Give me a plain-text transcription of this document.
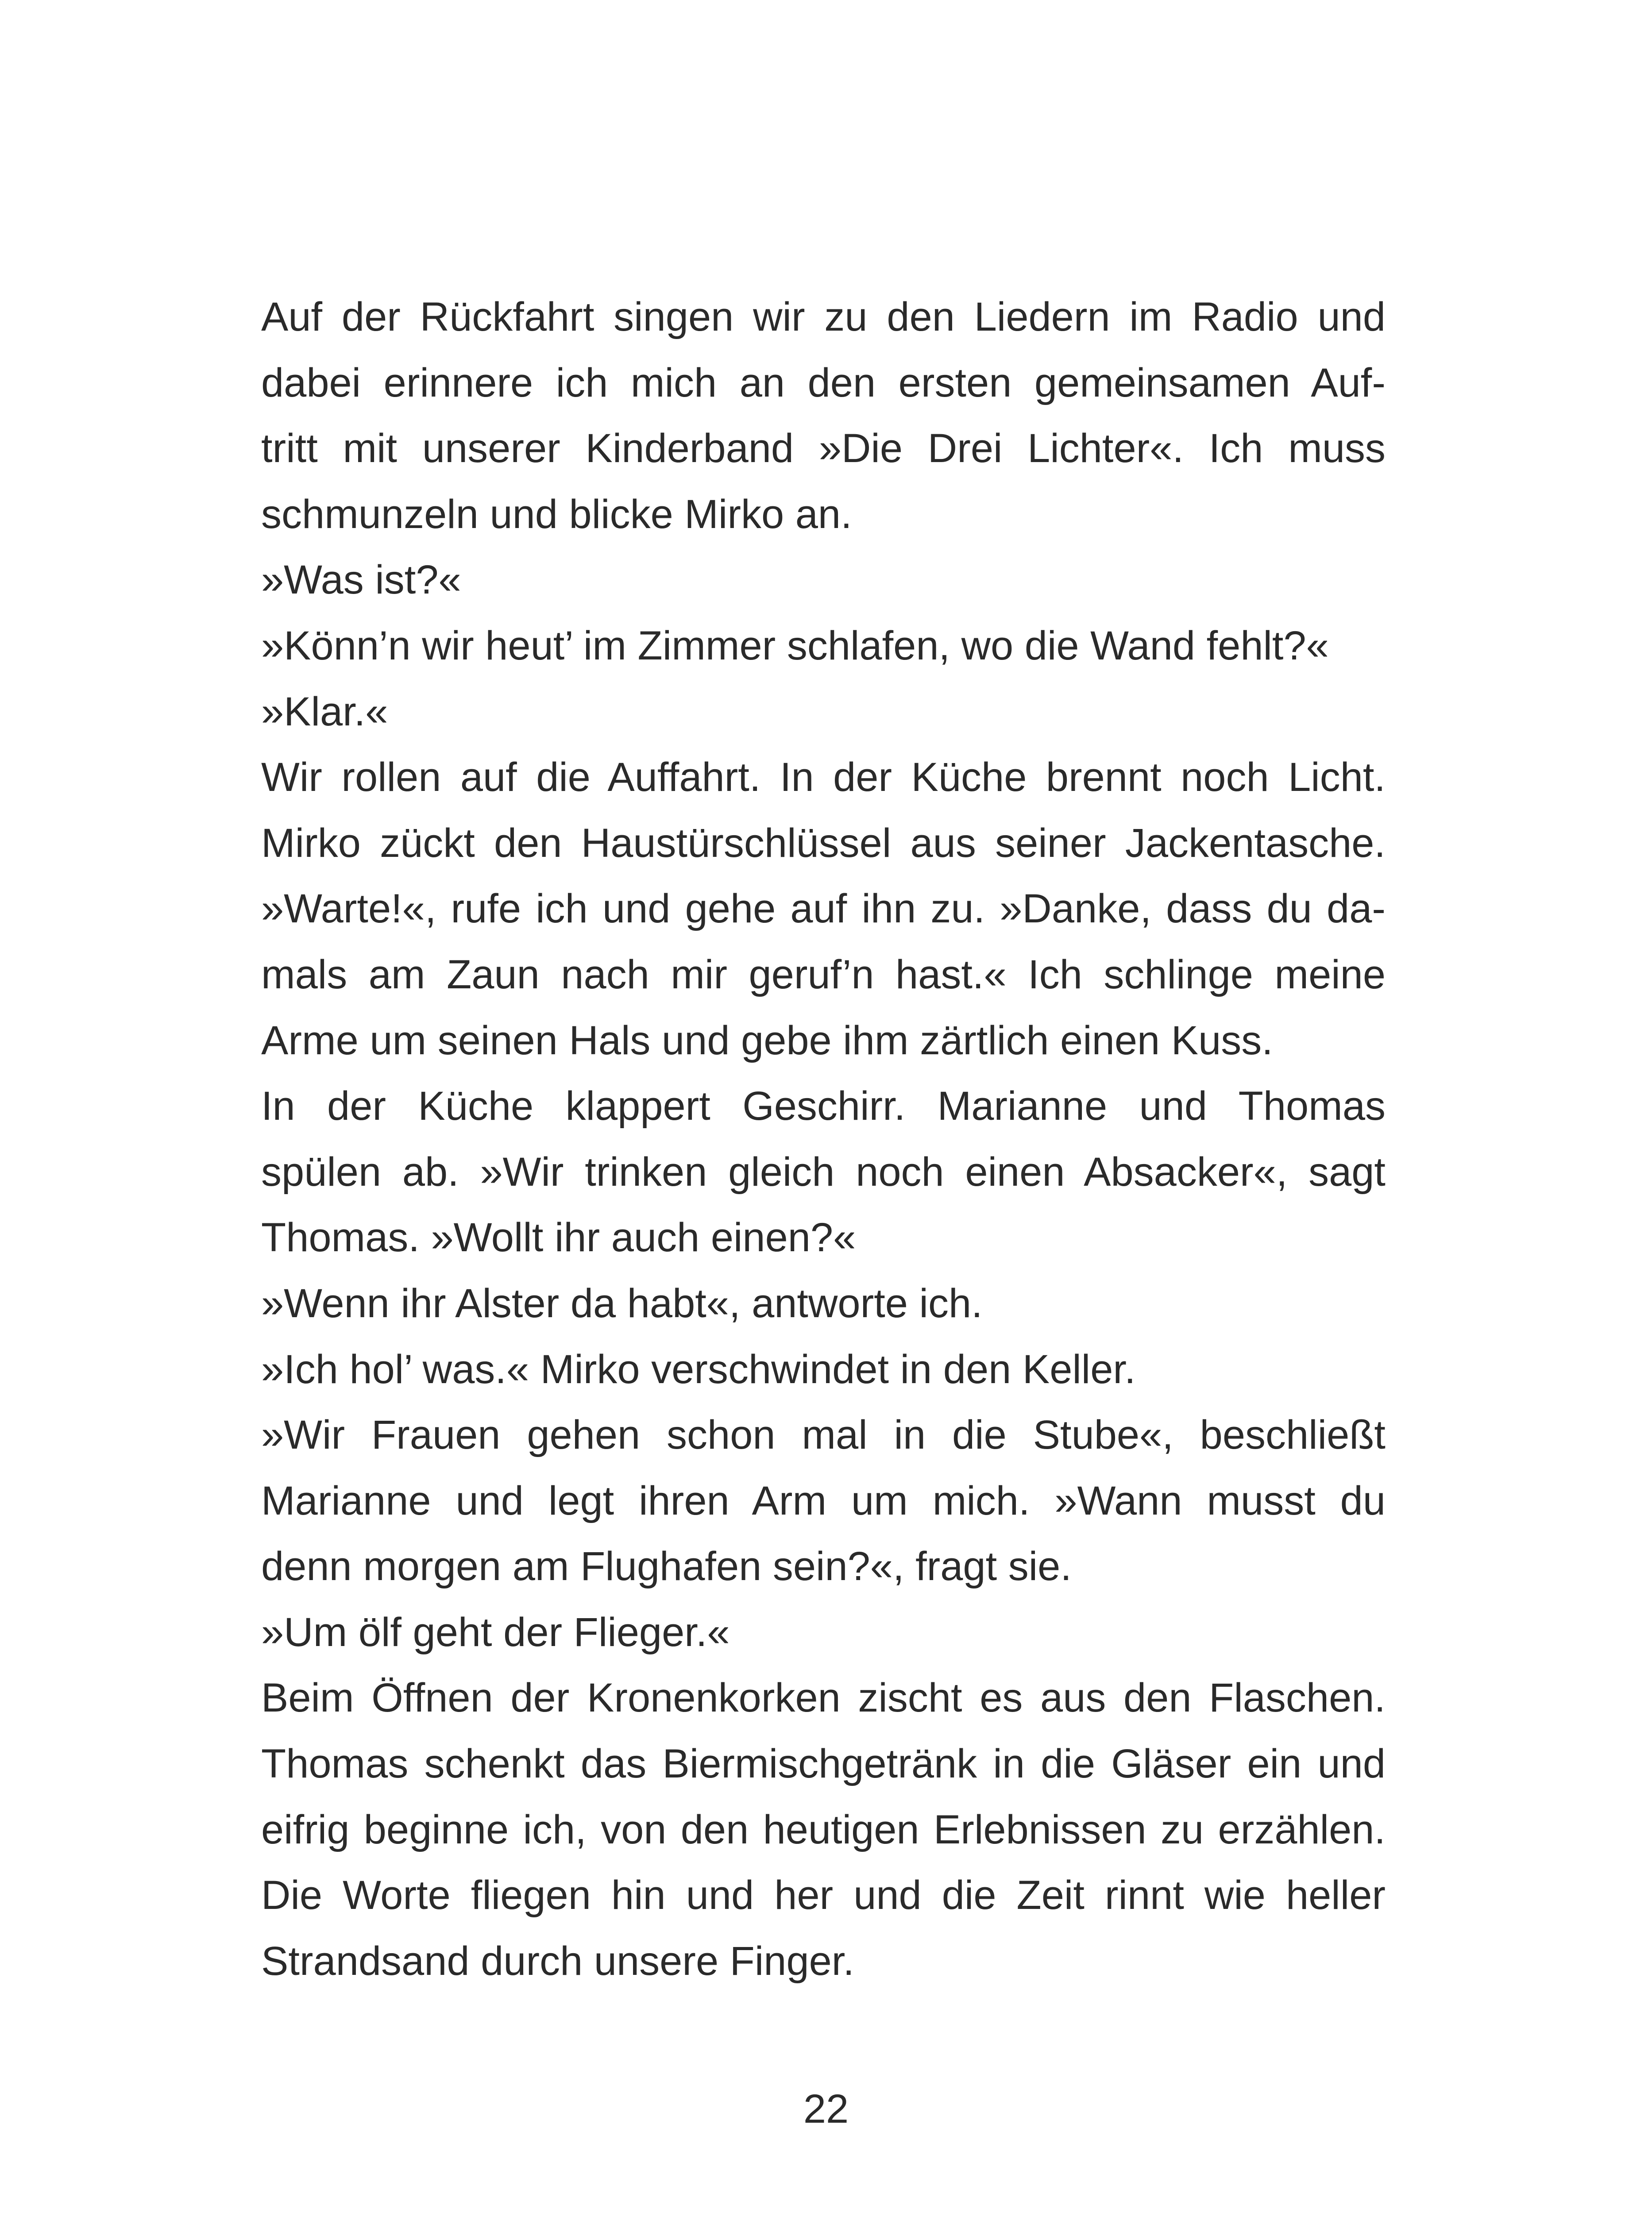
Auf der Rückfahrt singen wir zu den Liedern im Radio und
dabei erinnere ich mich an den ersten gemeinsamen Auf-
tritt mit unserer Kinderband »Die Drei Lichter«. Ich muss
schmunzeln und blicke Mirko an.
»Was ist?«
»Könn’n wir heut’ im Zimmer schlafen, wo die Wand fehlt?«
»Klar.«
Wir rollen auf die Auffahrt. In der Küche brennt noch Licht.
Mirko zückt den Haustürschlüssel aus seiner Jackentasche.
»Warte!«, rufe ich und gehe auf ihn zu. »Danke, dass du da-
mals am Zaun nach mir geruf’n hast.« Ich schlinge meine
Arme um seinen Hals und gebe ihm zärtlich einen Kuss.
In der Küche klappert Geschirr. Marianne und Thomas
spülen ab. »Wir trinken gleich noch einen Absacker«, sagt
Thomas. »Wollt ihr auch einen?«
»Wenn ihr Alster da habt«, antworte ich.
»Ich hol’ was.« Mirko verschwindet in den Keller.
»Wir Frauen gehen schon mal in die Stube«, beschließt
Marianne und legt ihren Arm um mich. »Wann musst du
denn morgen am Flughafen sein?«, fragt sie.
»Um ölf geht der Flieger.«
Beim Öffnen der Kronenkorken zischt es aus den Flaschen.
Thomas schenkt das Biermischgetränk in die Gläser ein und
eifrig beginne ich, von den heutigen Erlebnissen zu erzählen.
Die Worte fliegen hin und her und die Zeit rinnt wie heller
Strandsand durch unsere Finger.
22
